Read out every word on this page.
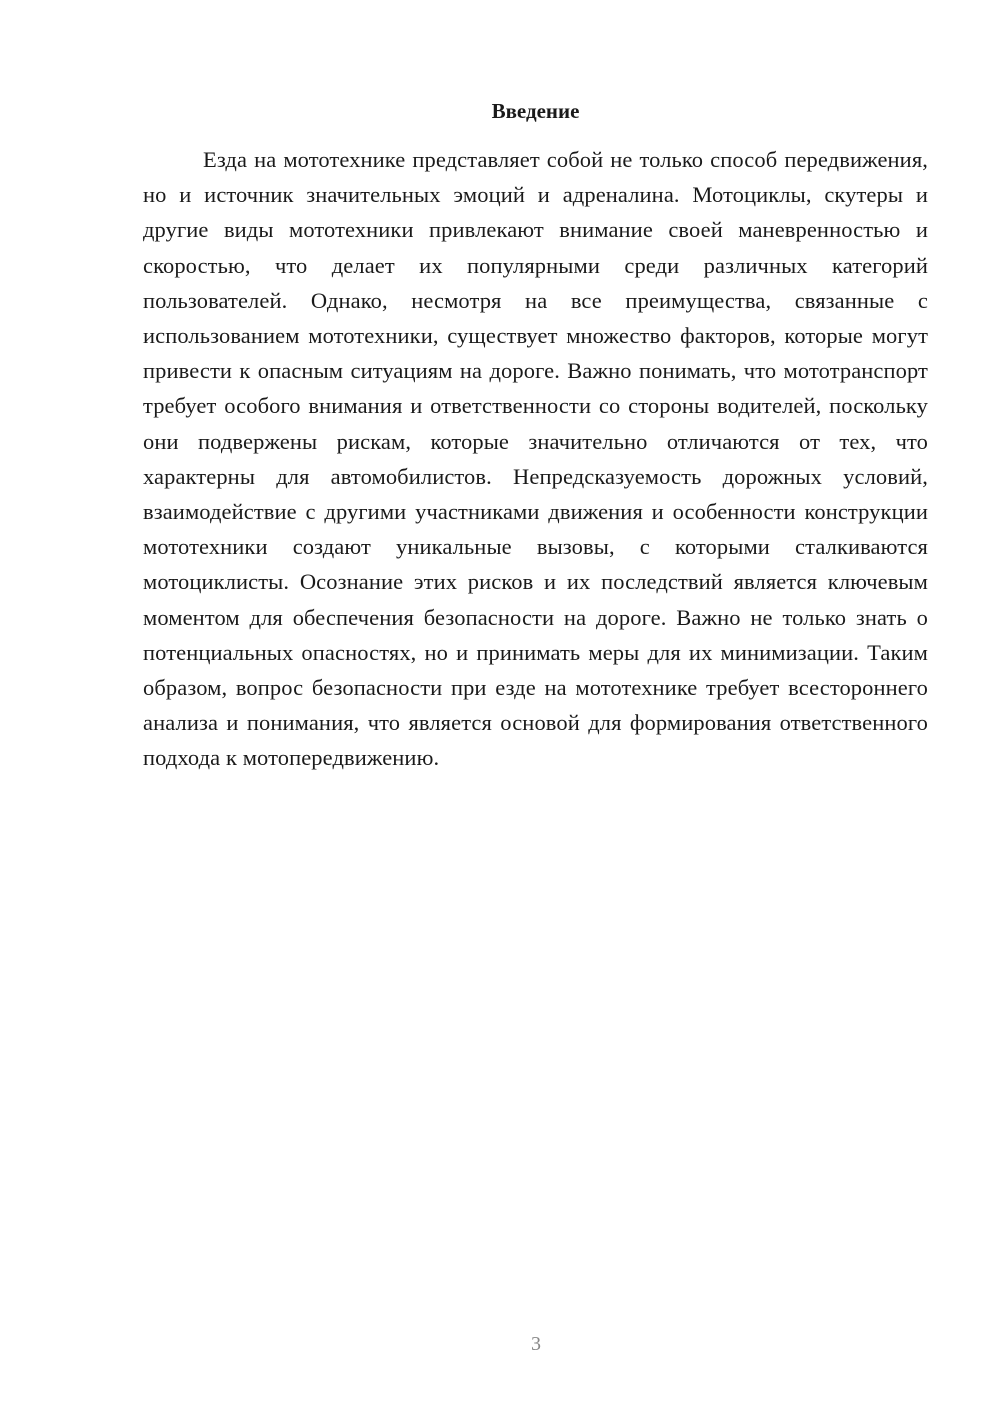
Введение

Езда на мототехнике представляет собой не только способ передвижения, но и источник значительных эмоций и адреналина. Мотоциклы, скутеры и другие виды мототехники привлекают внимание своей маневренностью и скоростью, что делает их популярными среди различных категорий пользователей. Однако, несмотря на все преимущества, связанные с использованием мототехники, существует множество факторов, которые могут привести к опасным ситуациям на дороге. Важно понимать, что мототранспорт требует особого внимания и ответственности со стороны водителей, поскольку они подвержены рискам, которые значительно отличаются от тех, что характерны для автомобилистов. Непредсказуемость дорожных условий, взаимодействие с другими участниками движения и особенности конструкции мототехники создают уникальные вызовы, с которыми сталкиваются мотоциклисты. Осознание этих рисков и их последствий является ключевым моментом для обеспечения безопасности на дороге. Важно не только знать о потенциальных опасностях, но и принимать меры для их минимизации. Таким образом, вопрос безопасности при езде на мототехнике требует всестороннего анализа и понимания, что является основой для формирования ответственного подхода к мотопередвижению.

3
